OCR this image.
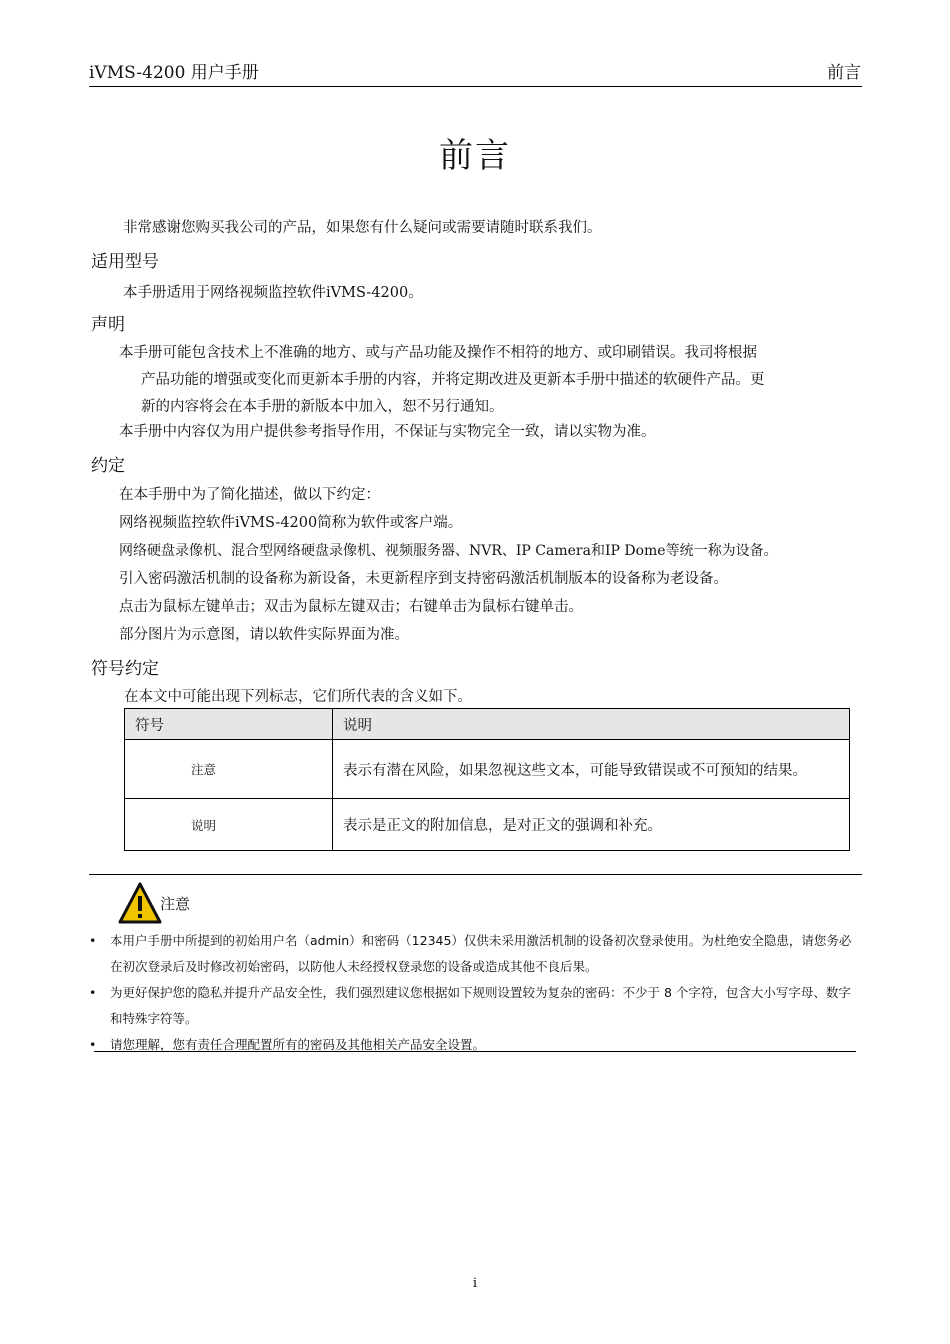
iVMS-4200 用户手册	前言
前言
非常感谢您购买我公司的产品，如果您有什么疑问或需要请随时联系我们。
适用型号
本手册适用于网络视频监控软件iVMS-4200。
声明
本手册可能包含技术上不准确的地方、或与产品功能及操作不相符的地方、或印刷错误。我司将根据
产品功能的增强或变化而更新本手册的内容，并将定期改进及更新本手册中描述的软硬件产品。更
新的内容将会在本手册的新版本中加入，恕不另行通知。
本手册中内容仅为用户提供参考指导作用，不保证与实物完全一致，请以实物为准。
约定
在本手册中为了简化描述，做以下约定：
网络视频监控软件iVMS-4200简称为软件或客户端。
网络硬盘录像机、混合型网络硬盘录像机、视频服务器、NVR、IP Camera和IP Dome等统一称为设备。
引入密码激活机制的设备称为新设备，未更新程序到支持密码激活机制版本的设备称为老设备。
点击为鼠标左键单击；双击为鼠标左键双击；右键单击为鼠标右键单击。
部分图片为示意图，请以软件实际界面为准。
符号约定
在本文中可能出现下列标志，它们所代表的含义如下。
符号	说明
注意	表示有潜在风险，如果忽视这些文本，可能导致错误或不可预知的结果。
说明	表示是正文的附加信息，是对正文的强调和补充。
注意
• 本用户手册中所提到的初始用户名（admin）和密码（12345）仅供未采用激活机制的设备初次登录使用。为杜绝安全隐患，请您务必在初次登录后及时修改初始密码，以防他人未经授权登录您的设备或造成其他不良后果。
• 为更好保护您的隐私并提升产品安全性，我们强烈建议您根据如下规则设置较为复杂的密码：不少于 8 个字符，包含大小写字母、数字和特殊字符等。
• 请您理解，您有责任合理配置所有的密码及其他相关产品安全设置。
i
